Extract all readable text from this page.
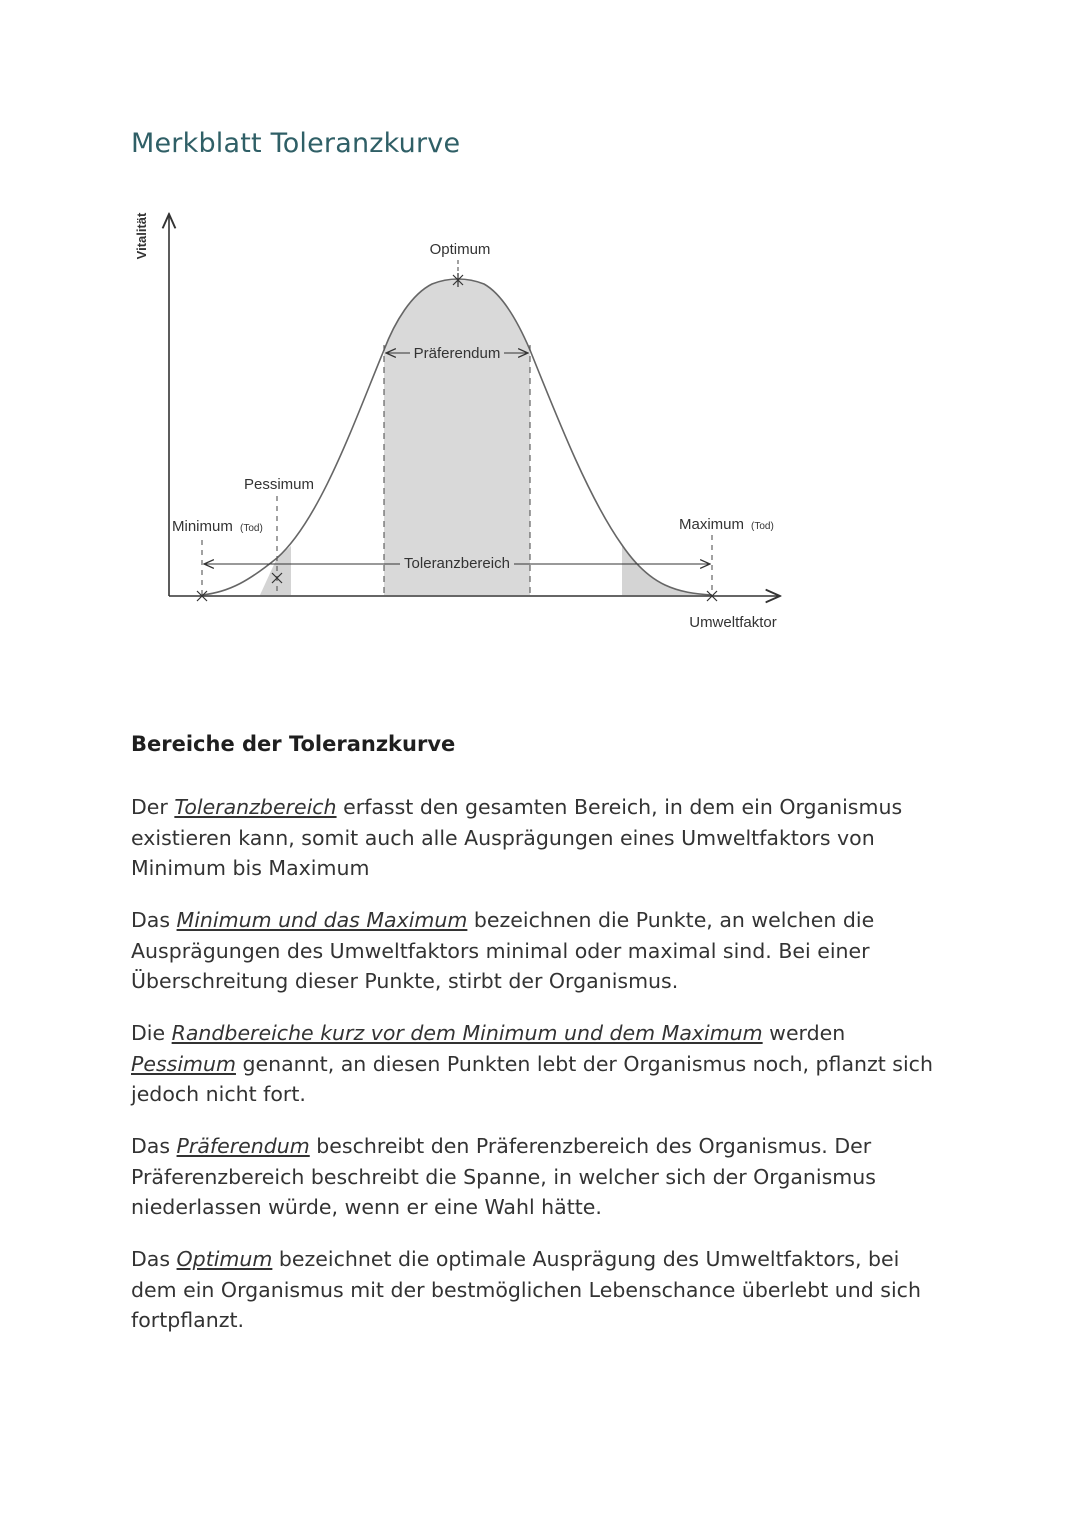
Merkblatt Toleranzkurve
Vitalität	Optimum
Präferendum
Pessimum
Minimum (Tod)	Maximum (Tod)
Toleranzbereich
Umweltfaktor
Bereiche der Toleranzkurve

Der Toleranzbereich erfasst den gesamten Bereich, in dem ein Organismus existieren kann, somit auch alle Ausprägungen eines Umweltfaktors von Minimum bis Maximum

Das Minimum und das Maximum bezeichnen die Punkte, an welchen die Ausprägungen des Umweltfaktors minimal oder maximal sind. Bei einer Überschreitung dieser Punkte, stirbt der Organismus.

Die Randbereiche kurz vor dem Minimum und dem Maximum werden Pessimum genannt, an diesen Punkten lebt der Organismus noch, pflanzt sich jedoch nicht fort.

Das Präferendum beschreibt den Präferenzbereich des Organismus. Der Präferenzbereich beschreibt die Spanne, in welcher sich der Organismus niederlassen würde, wenn er eine Wahl hätte.

Das Optimum bezeichnet die optimale Ausprägung des Umweltfaktors, bei dem ein Organismus mit der bestmöglichen Lebenschance überlebt und sich fortpflanzt.
